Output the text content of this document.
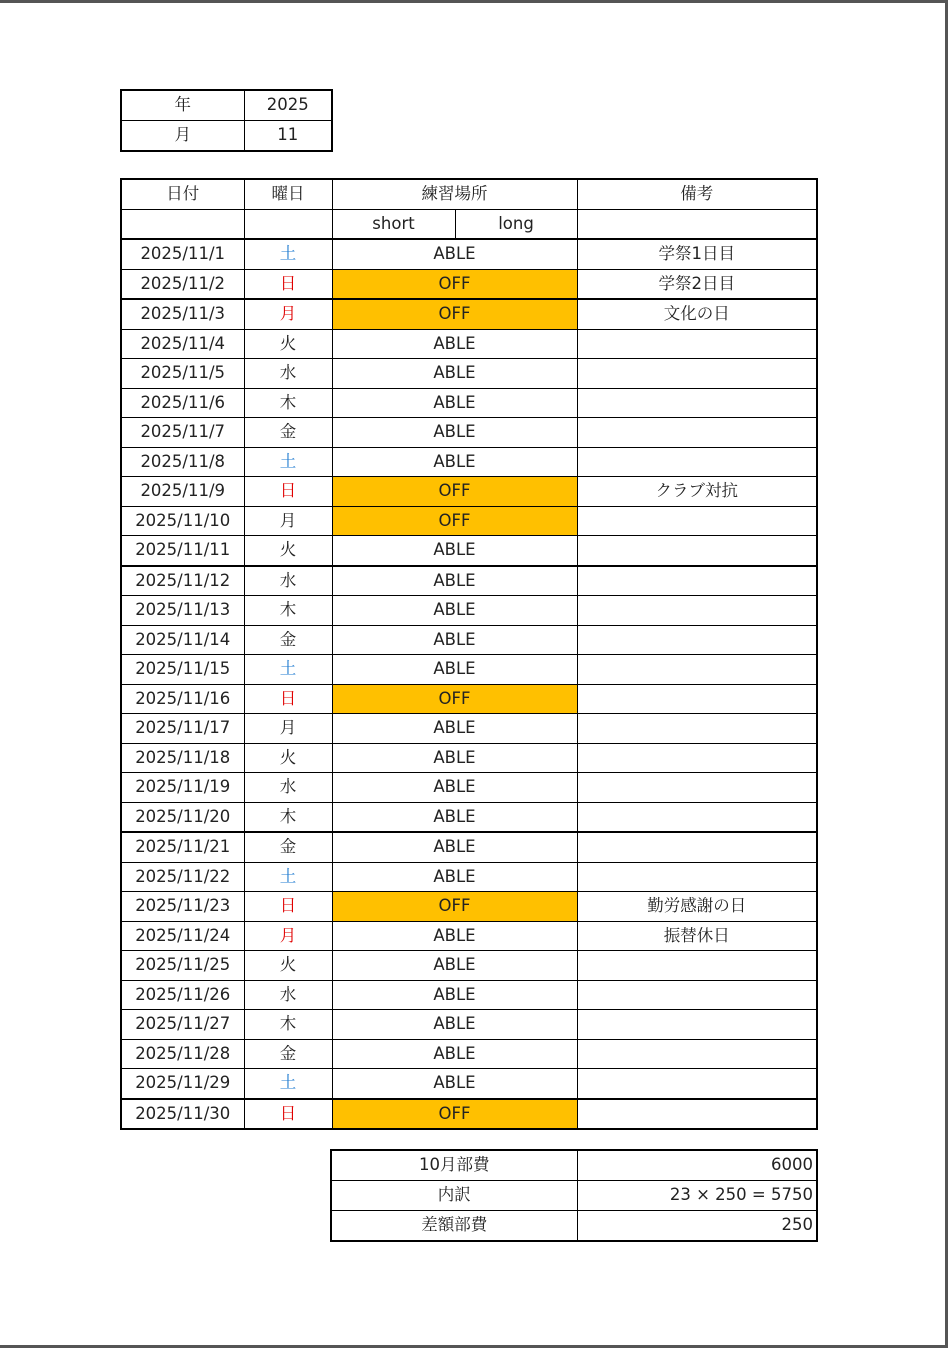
年	2025
月	11
日付	曜日	練習場所		備考
		short	long	
2025/11/1	土	ABLE		学祭1日目
2025/11/2	日	OFF		学祭2日目
2025/11/3	月	OFF		文化の日
2025/11/4	火	ABLE		
2025/11/5	水	ABLE		
2025/11/6	木	ABLE		
2025/11/7	金	ABLE		
2025/11/8	土	ABLE		
2025/11/9	日	OFF		クラブ対抗
2025/11/10	月	OFF		
2025/11/11	火	ABLE		
2025/11/12	水	ABLE		
2025/11/13	木	ABLE		
2025/11/14	金	ABLE		
2025/11/15	土	ABLE		
2025/11/16	日	OFF		
2025/11/17	月	ABLE		
2025/11/18	火	ABLE		
2025/11/19	水	ABLE		
2025/11/20	木	ABLE		
2025/11/21	金	ABLE		
2025/11/22	土	ABLE		
2025/11/23	日	OFF		勤労感謝の日
2025/11/24	月	ABLE		振替休日
2025/11/25	火	ABLE		
2025/11/26	水	ABLE		
2025/11/27	木	ABLE		
2025/11/28	金	ABLE		
2025/11/29	土	ABLE		
2025/11/30	日	OFF		
10月部費	6000
内訳	23 × 250 = 5750
差額部費	250
